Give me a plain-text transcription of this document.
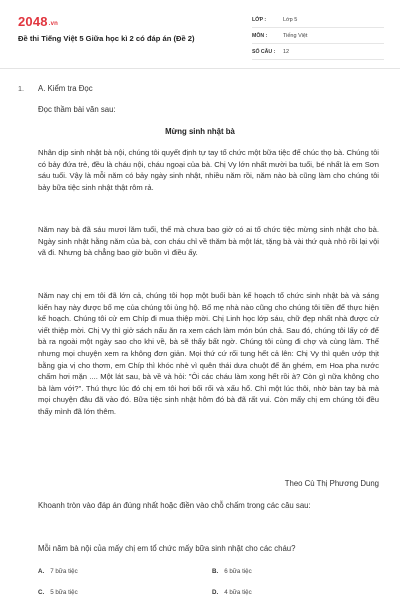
2048.vn
Đề thi Tiếng Việt 5 Giữa học kì 2 có đáp án (Đề 2)
LỚP :	Lớp 5
MÔN :	Tiếng Việt
SỐ CÂU :	12
1. A. Kiểm tra Đọc
Đọc thầm bài văn sau:
Mừng sinh nhật bà

Nhân dịp sinh nhật bà nội, chúng tôi quyết định tự tay tổ chức một bữa tiệc để chúc thọ bà. Chúng tôi có bảy đứa trẻ, đều là cháu nội, cháu ngoại của bà. Chị Vy lớn nhất mười ba tuổi, bé nhất là em Sơn sáu tuổi. Vậy là mỗi năm có bảy ngày sinh nhật, nhiều năm rồi, năm nào bà cũng làm cho chúng tôi bảy bữa tiệc sinh nhật thật rôm rả.

Năm nay bà đã sáu mươi lăm tuổi, thế mà chưa bao giờ có ai tổ chức tiệc mừng sinh nhật cho bà. Ngày sinh nhật hằng năm của bà, con cháu chỉ về thăm bà một lát, tặng bà vài thứ quà nhỏ rồi lại vội vã đi. Nhưng bà chẳng bao giờ buồn vì điều ấy.

Năm nay chị em tôi đã lớn cả, chúng tôi họp một buổi bàn kế hoạch tổ chức sinh nhật bà và sáng kiến hay này được bố mẹ của chúng tôi ủng hộ. Bố mẹ nhà nào cũng cho chúng tôi tiền để thực hiện kế hoạch. Chúng tôi cử em Chíp đi mua thiệp mời. Chị Linh học lớp sáu, chữ đẹp nhất nhà được cử viết thiệp mời. Chị Vy thì giở sách nấu ăn ra xem cách làm món bún chả. Sau đó, chúng tôi lấy cớ để bà ra ngoài một ngày sao cho khi về, bà sẽ thấy bất ngờ. Chúng tôi cùng đi chợ và cùng làm. Thế nhưng mọi chuyện xem ra không đơn giản. Mọi thứ cứ rối tung hết cả lên: Chị Vy thì quên ướp thịt bằng gia vị cho thơm, em Chíp thì khóc nhè vì quên thái dưa chuột để ăn ghém, em Hoa pha nước chấm hơi mặn .... Một lát sau, bà về và hỏi: "Ôi các cháu làm xong hết rồi à? Còn gì nữa không cho bà làm với?". Thú thực lúc đó chị em tôi hơi bối rối và xấu hổ. Chỉ một lúc thôi, nhờ bàn tay bà mà mọi chuyện đâu đã vào đó. Bữa tiệc sinh nhật hôm đó bà đã rất vui. Còn mấy chị em chúng tôi đều thấy mình đã lớn thêm.

Theo Cù Thị Phương Dung
Khoanh tròn vào đáp án đúng nhất hoặc điền vào chỗ chấm trong các câu sau:
Mỗi năm bà nội của mấy chị em tổ chức mấy bữa sinh nhật cho các cháu?
A. 7 bữa tiệc	B. 6 bữa tiệc
C. 5 bữa tiệc	D. 4 bữa tiệc
